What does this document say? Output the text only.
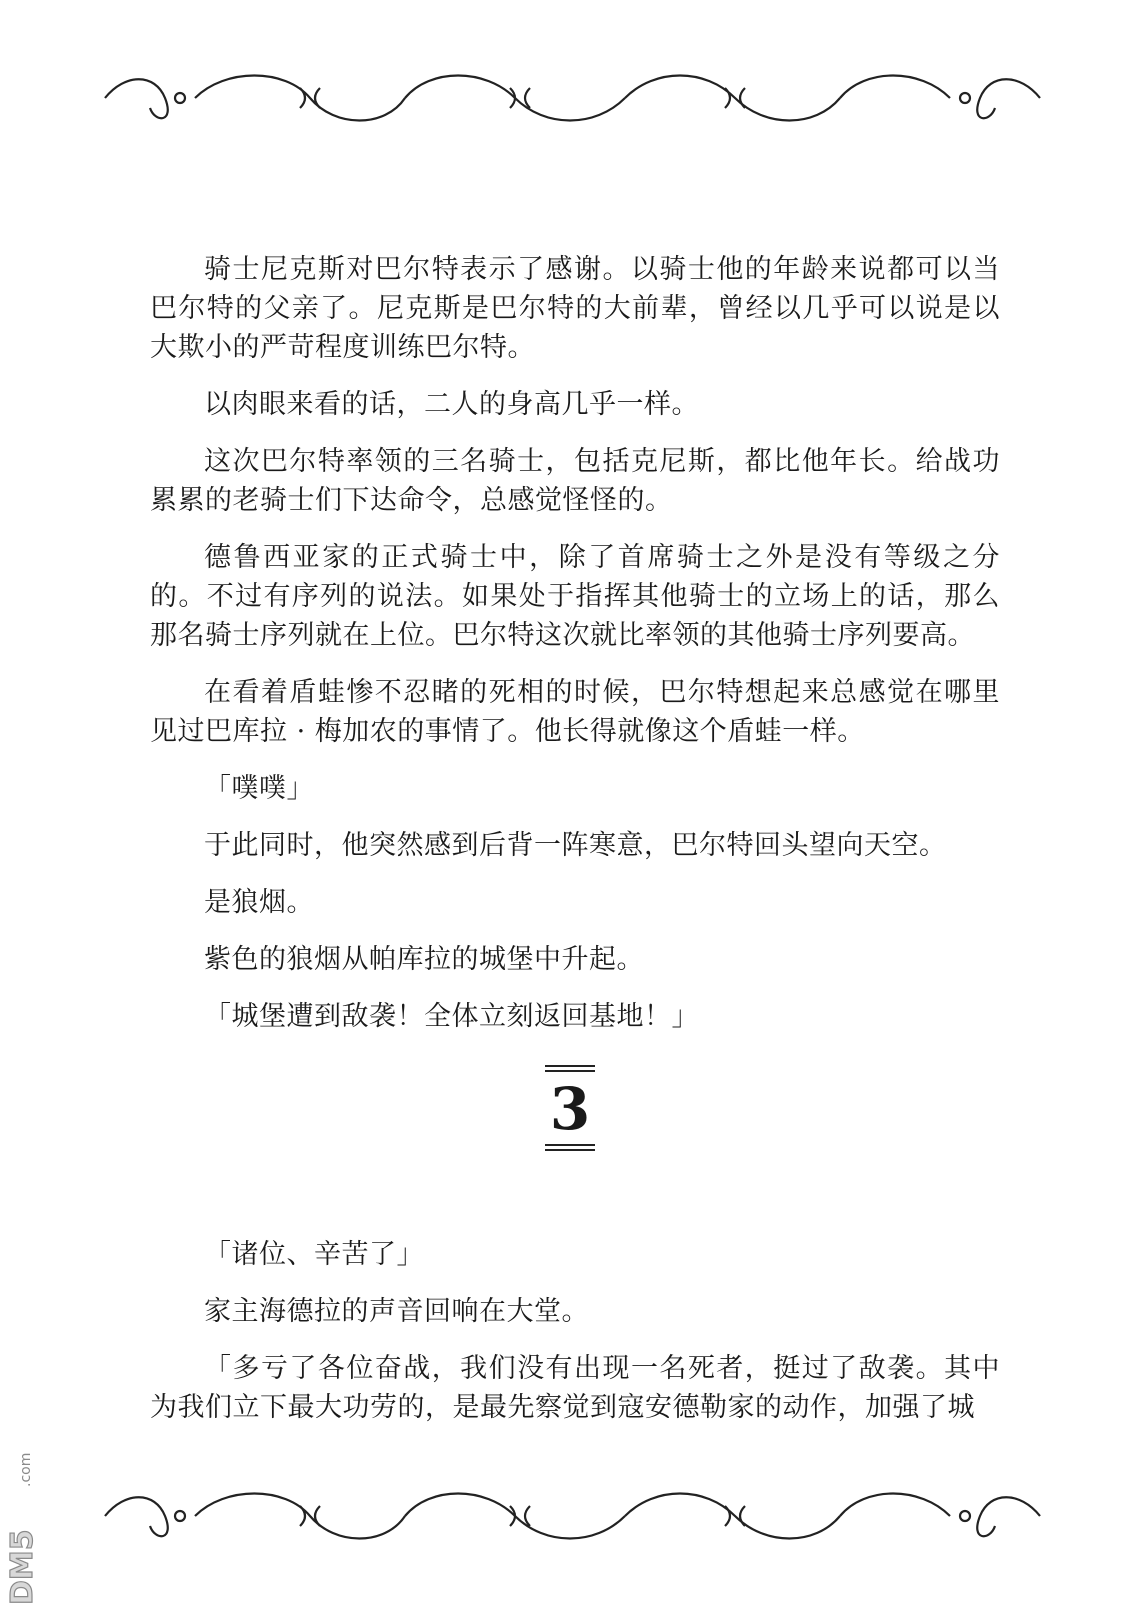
骑士尼克斯对巴尔特表示了感谢。以骑士他的年龄来说都可以当巴尔特的父亲了。尼克斯是巴尔特的大前辈，曾经以几乎可以说是以大欺小的严苛程度训练巴尔特。

以肉眼来看的话，二人的身高几乎一样。

这次巴尔特率领的三名骑士，包括克尼斯，都比他年长。给战功累累的老骑士们下达命令，总感觉怪怪的。

德鲁西亚家的正式骑士中，除了首席骑士之外是没有等级之分的。不过有序列的说法。如果处于指挥其他骑士的立场上的话，那么那名骑士序列就在上位。巴尔特这次就比率领的其他骑士序列要高。

在看着盾蛙惨不忍睹的死相的时候，巴尔特想起来总感觉在哪里见过巴库拉 · 梅加农的事情了。他长得就像这个盾蛙一样。

「噗噗」

于此同时，他突然感到后背一阵寒意，巴尔特回头望向天空。

是狼烟。

紫色的狼烟从帕库拉的城堡中升起。

「城堡遭到敌袭！全体立刻返回基地！」

3

「诸位、辛苦了」

家主海德拉的声音回响在大堂。

「多亏了各位奋战，我们没有出现一名死者，挺过了敌袭。其中为我们立下最大功劳的，是最先察觉到寇安德勒家的动作，加强了城

DM5
.com
